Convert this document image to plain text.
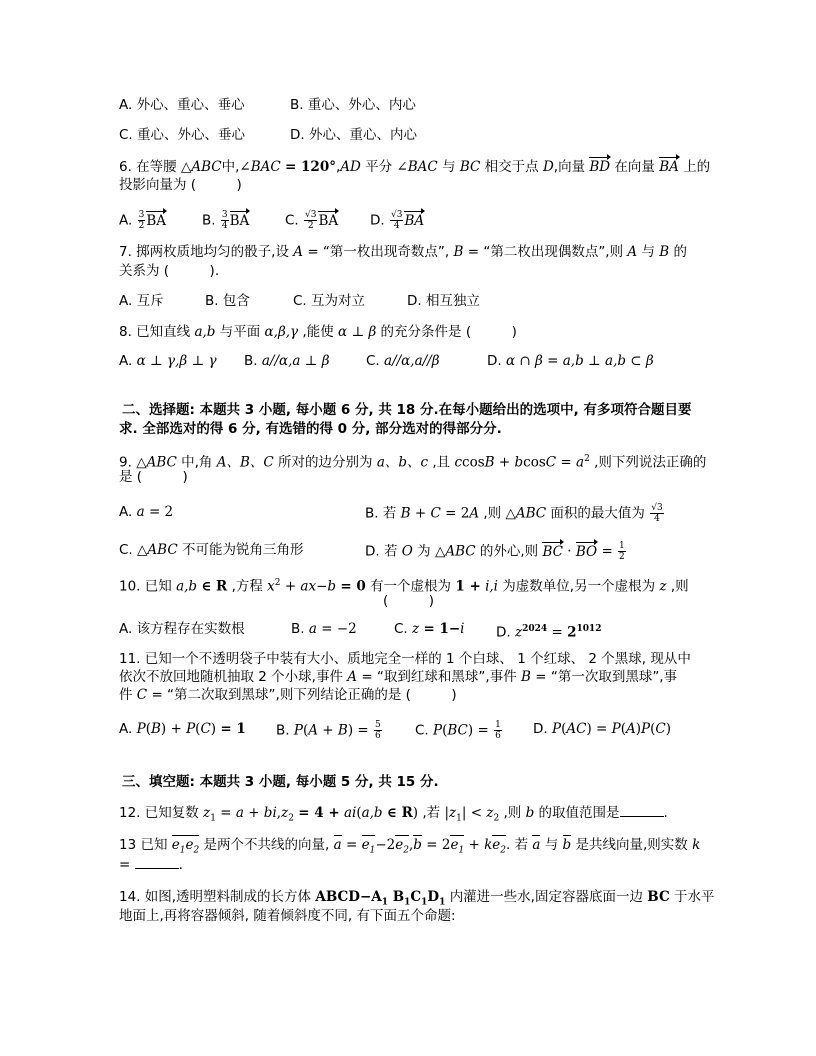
A. 外心、重心、垂心	B. 重心、外心、内心
C. 重心、外心、垂心	D. 外心、重心、内心
6. 在等腰 △ABC中,∠BAC = 120°,AD 平分 ∠BAC 与 BC 相交于点 D,向量 BD 在向量 BA 上的
投影向量为 (　　　)
A. $\frac{3}{2}$ BA	B. $\frac{3}{4}$ BA	C. $\frac{√3}{2}$ BA D. $\frac{√3}{4}$ BA
7. 掷两枚质地均匀的骰子,设 A = “第一枚出现奇数点”, B = “第二枚出现偶数点”,则 A 与 B 的
关系为 (　　　).
A. 互斥	B. 包含	C. 互为对立	D. 相互独立
8. 已知直线 a,b 与平面 α,β,γ ,能使 α ⊥ β 的充分条件是 (　　　)
A. α ⊥ γ,β ⊥ γ B. a//α,a ⊥ β	C. a//α,a//β	D. α ∩ β = a,b ⊥ a,b ⊂ β
二、选择题: 本题共 3 小题, 每小题 6 分, 共 18 分.在每小题给出的选项中, 有多项符合题目要
求. 全部选对的得 6 分, 有选错的得 0 分, 部分选对的得部分分.
9. △ABC 中,角 A、B、C 所对的边分别为 a、b、c ,且 $ccosB + bcosC = a^2$ ,则下列说法正确的
是 (　　　)
A. a = 2	B. 若 B + C = 2A ,则 △ABC 面积的最大值为 $\frac{√3}{4}$
C. △ABC 不可能为锐角三角形	D. 若 O 为 △ABC 的外心,则 BC · BO = $\frac{1}{2}$
10. 已知 a,b ∈ R ,方程 $x^2 + ax-b = 0$ 有一个虚根为 1 + i,i 为虚数单位,另一个虚根为 z ,则
(　　　)
A. 该方程存在实数根	B. a = −2	C. z = 1−i D. $z^{2024} = 2^{1012}$
11. 已知一个不透明袋子中装有大小、质地完全一样的 1 个白球、 1 个红球、 2 个黑球, 现从中
依次不放回地随机抽取 2 个小球,事件 A = “取到红球和黑球”,事件 B = “第一次取到黑球”,事
件 C = “第二次取到黑球”,则下列结论正确的是 (　　　)
A. P(B) + P(C) = 1 B. $P(A + B) = \frac{5}{6} C$. $P(BC) = \frac{1}{6} D$. P(AC) = P(A)P(C)
三、填空题: 本题共 3 小题, 每小题 5 分, 共 15 分.
12. 已知复数 $z_1 = a + bi,z_2 = 4 + ai(a,b$ ∈ R) ,若 $|z_1| < z_2$ ,则 b 的取值范围是	.
13 已知 $e_1e_2$ 是两个不共线的向量, $a = e_1-2e_2,b = 2e_1 + ke_2$. 若 a 与 b 是共线向量,则实数 k
=	.
14. 如图,透明塑料制成的长方体 $ABCD-A_1$ $B_1C_1D_1$ 内灌进一些水,固定容器底面一边 BC 于水平
地面上,再将容器倾斜, 随着倾斜度不同, 有下面五个命题:
